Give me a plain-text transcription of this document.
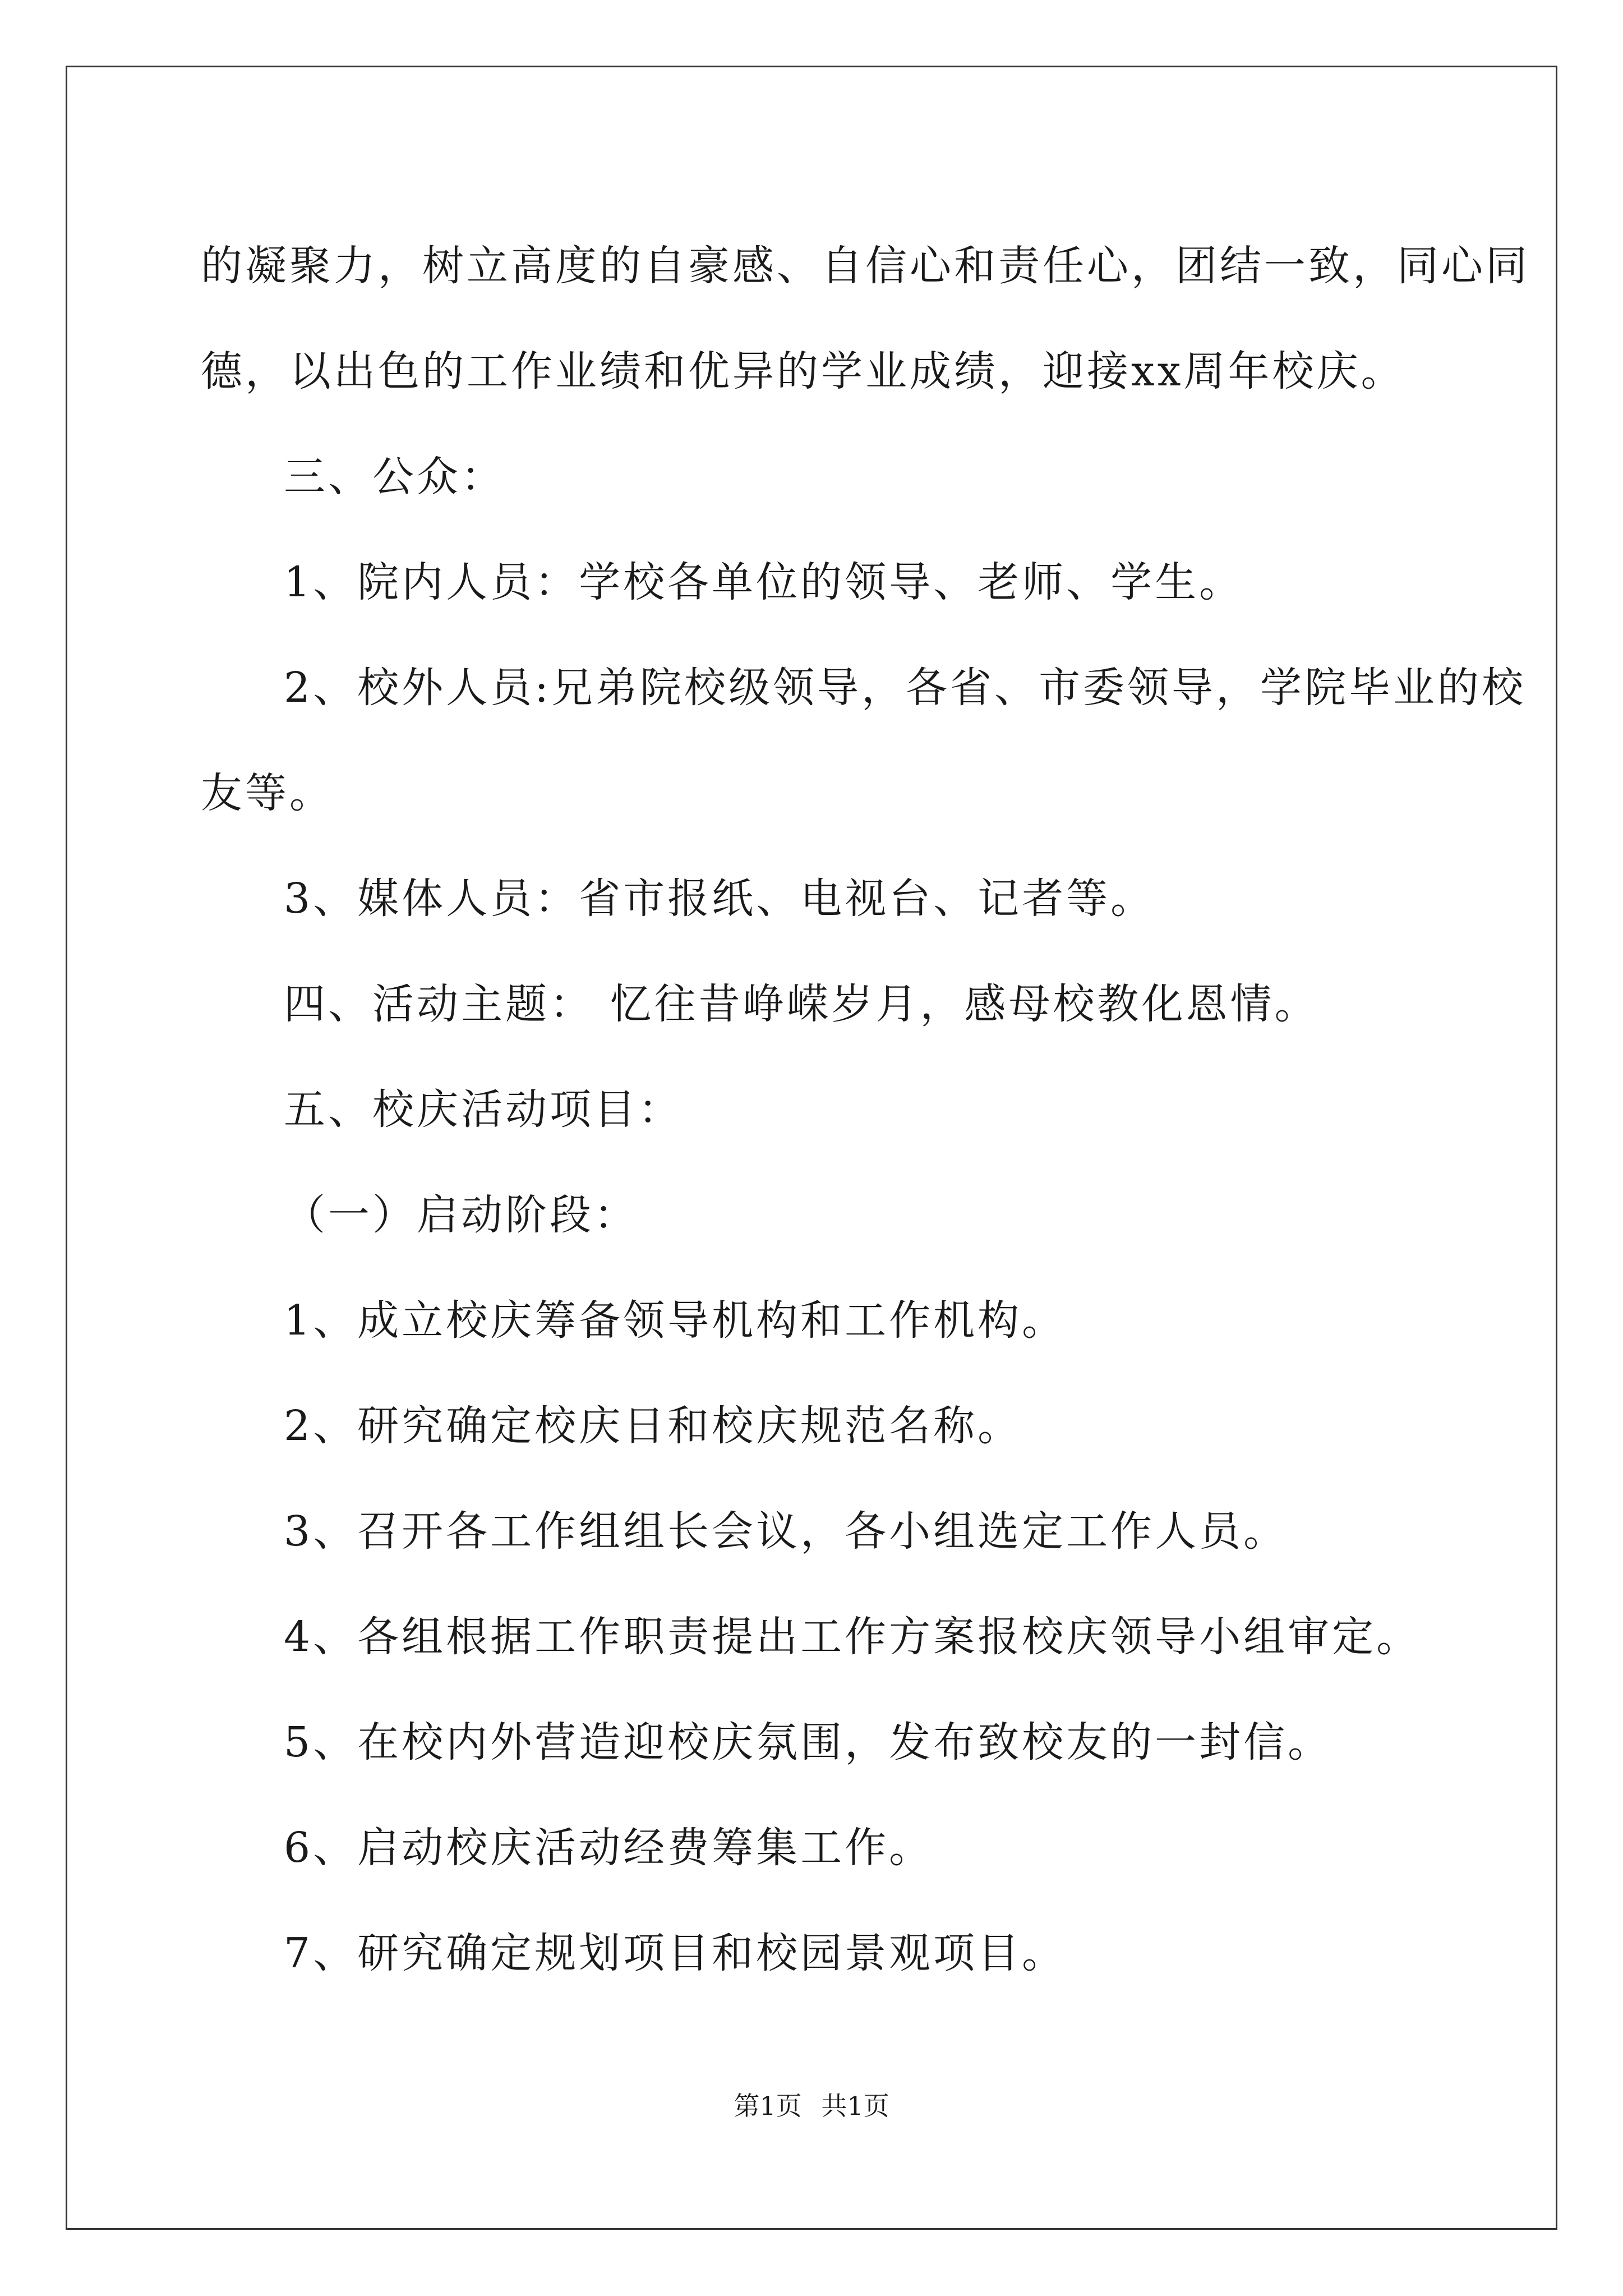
的凝聚力，树立高度的自豪感、自信心和责任心，团结一致，同心同

德，以出色的工作业绩和优异的学业成绩，迎接xx周年校庆。

三、公众：

1、院内人员：学校各单位的领导、老师、学生。

2、校外人员:兄弟院校级领导，各省、市委领导，学院毕业的校

友等。

3、媒体人员：省市报纸、电视台、记者等。

四、活动主题： 忆往昔峥嵘岁月，感母校教化恩情。

五、校庆活动项目：

（一）启动阶段：

1、成立校庆筹备领导机构和工作机构。

2、研究确定校庆日和校庆规范名称。

3、召开各工作组组长会议，各小组选定工作人员。

4、各组根据工作职责提出工作方案报校庆领导小组审定。

5、在校内外营造迎校庆氛围，发布致校友的一封信。

6、启动校庆活动经费筹集工作。

7、研究确定规划项目和校园景观项目。

第1页 共1页
